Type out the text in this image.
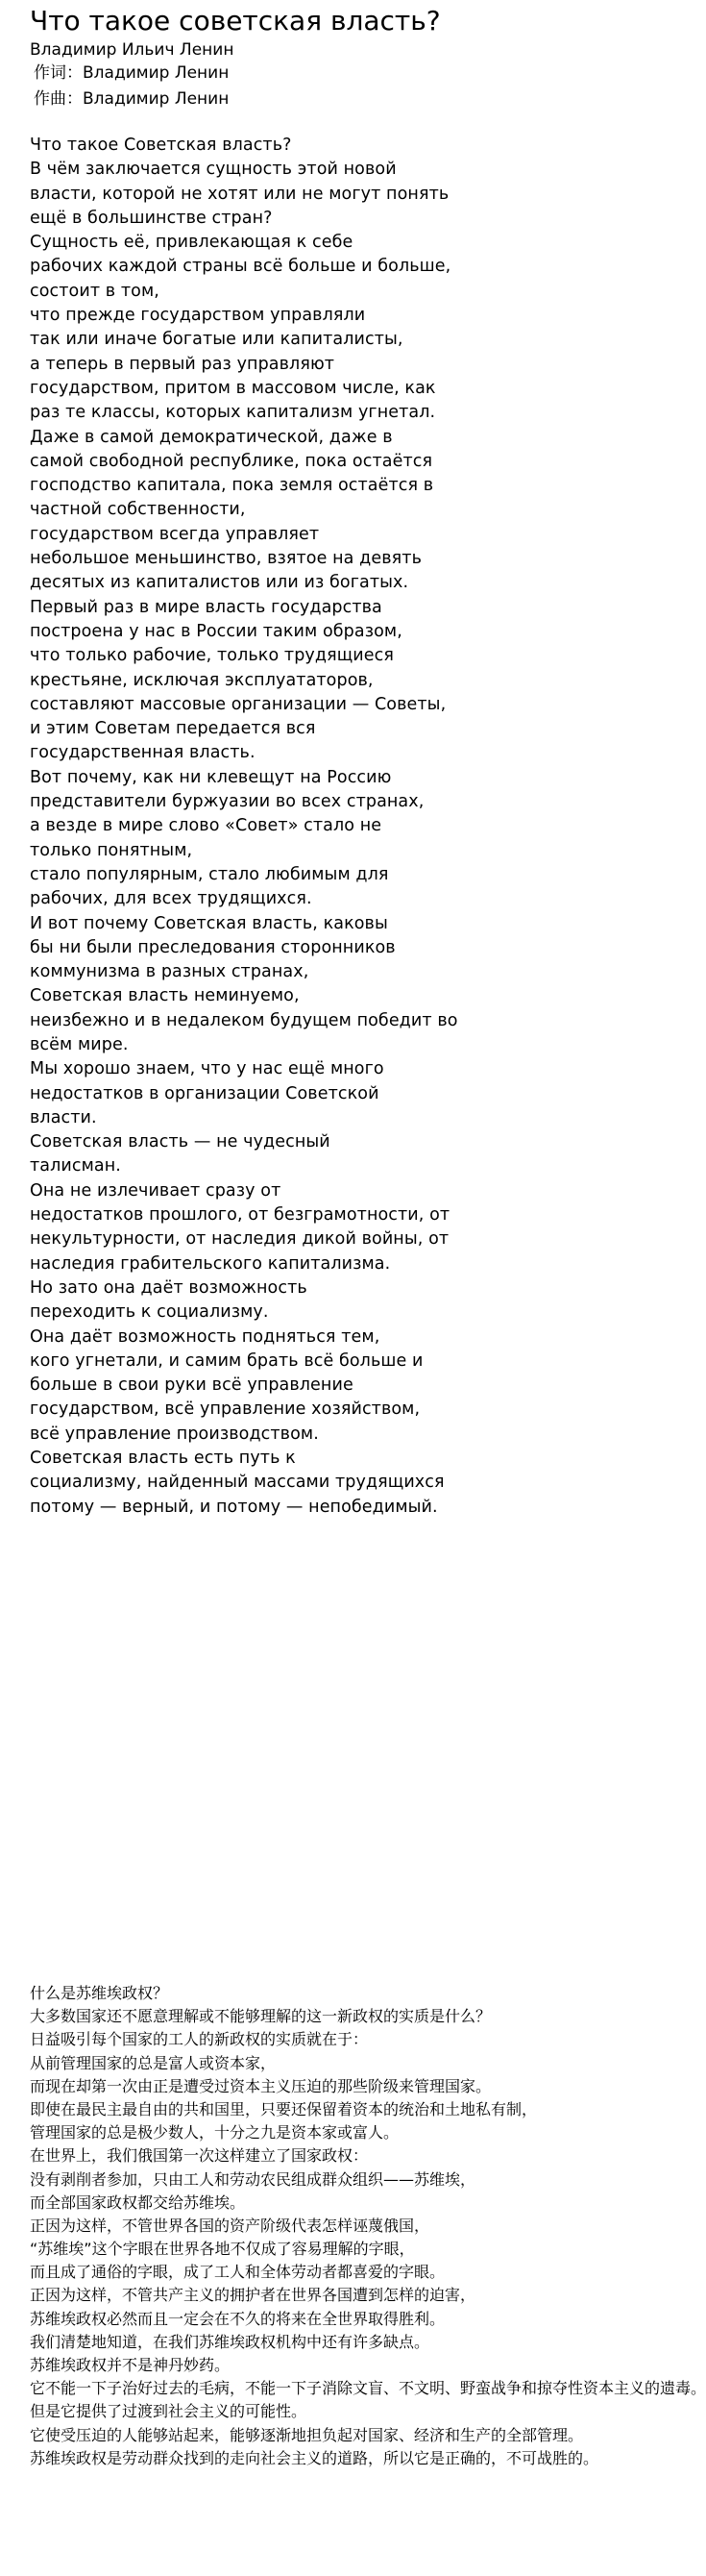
Что такое советская власть?
Владимир Ильич Ленин
作词：Владимир Ленин
作曲：Владимир Ленин
Что такое Советская власть?
В чём заключается сущность этой новой
власти, которой не хотят или не могут понять
ещё в большинстве стран?
Сущность её, привлекающая к себе
рабочих каждой страны всё больше и больше,
состоит в том,
что прежде государством управляли
так или иначе богатые или капиталисты,
а теперь в первый раз управляют
государством, притом в массовом числе, как
раз те классы, которых капитализм угнетал.
Даже в самой демократической, даже в
самой свободной республике, пока остаётся
господство капитала, пока земля остаётся в
частной собственности,
государством всегда управляет
небольшое меньшинство, взятое на девять
десятых из капиталистов или из богатых.
Первый раз в мире власть государства
построена у нас в России таким образом,
что только рабочие, только трудящиеся
крестьяне, исключая эксплуататоров,
составляют массовые организации — Советы,
и этим Советам передается вся
государственная власть.
Вот почему, как ни клевещут на Россию
представители буржуазии во всех странах,
а везде в мире слово «Совет» стало не
только понятным,
стало популярным, стало любимым для
рабочих, для всех трудящихся.
И вот почему Советская власть, каковы
бы ни были преследования сторонников
коммунизма в разных странах,
Советская власть неминуемо,
неизбежно и в недалеком будущем победит во
всём мире.
Мы хорошо знаем, что у нас ещё много
недостатков в организации Советской
власти.
Советская власть — не чудесный
талисман.
Она не излечивает сразу от
недостатков прошлого, от безграмотности, от
некультурности, от наследия дикой войны, от
наследия грабительского капитализма.
Но зато она даёт возможность
переходить к социализму.
Она даёт возможность подняться тем,
кого угнетали, и самим брать всё больше и
больше в свои руки всё управление
государством, всё управление хозяйством,
всё управление производством.
Советская власть есть путь к
социализму, найденный массами трудящихся
потому — верный, и потому — непобедимый.
什么是苏维埃政权？
大多数国家还不愿意理解或不能够理解的这一新政权的实质是什么？
日益吸引每个国家的工人的新政权的实质就在于：
从前管理国家的总是富人或资本家，
而现在却第一次由正是遭受过资本主义压迫的那些阶级来管理国家。
即使在最民主最自由的共和国里，只要还保留着资本的统治和土地私有制，
管理国家的总是极少数人，十分之九是资本家或富人。
在世界上，我们俄国第一次这样建立了国家政权：
没有剥削者参加，只由工人和劳动农民组成群众组织——苏维埃，
而全部国家政权都交给苏维埃。
正因为这样，不管世界各国的资产阶级代表怎样诬蔑俄国，
“苏维埃”这个字眼在世界各地不仅成了容易理解的字眼，
而且成了通俗的字眼，成了工人和全体劳动者都喜爱的字眼。
正因为这样，不管共产主义的拥护者在世界各国遭到怎样的迫害，
苏维埃政权必然而且一定会在不久的将来在全世界取得胜利。
我们清楚地知道，在我们苏维埃政权机构中还有许多缺点。
苏维埃政权并不是神丹妙药。
它不能一下子治好过去的毛病，不能一下子消除文盲、不文明、野蛮战争和掠夺性资本主义的遗毒。
但是它提供了过渡到社会主义的可能性。
它使受压迫的人能够站起来，能够逐渐地担负起对国家、经济和生产的全部管理。
苏维埃政权是劳动群众找到的走向社会主义的道路，所以它是正确的，不可战胜的。
